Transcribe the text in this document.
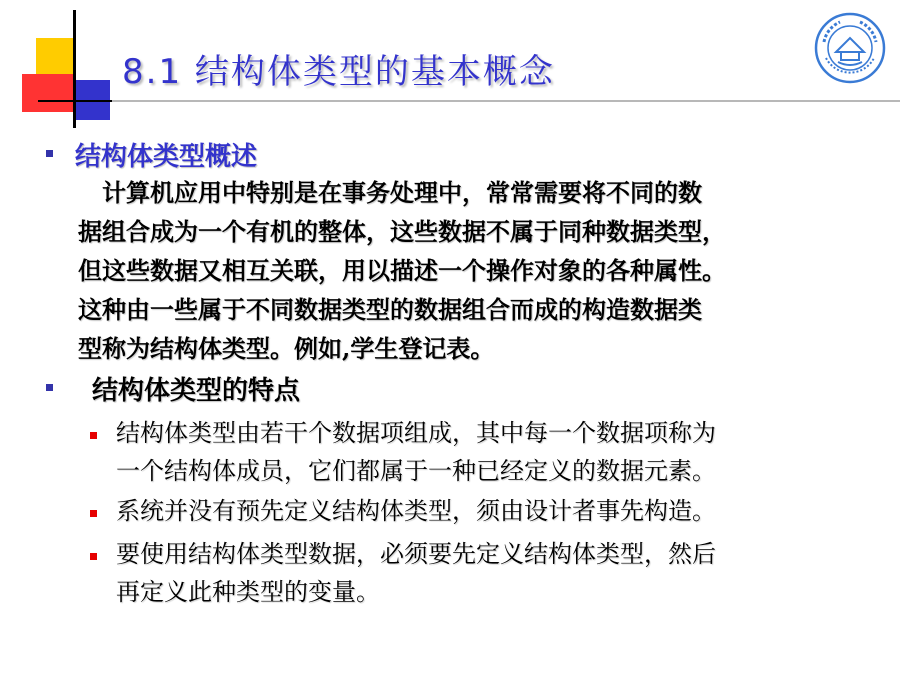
8.1 结构体类型的基本概念
结构体类型概述
　计算机应用中特别是在事务处理中，常常需要将不同的数
据组合成为一个有机的整体，这些数据不属于同种数据类型，
但这些数据又相互关联，用以描述一个操作对象的各种属性。
这种由一些属于不同数据类型的数据组合而成的构造数据类
型称为结构体类型。例如,学生登记表。
结构体类型的特点
结构体类型由若干个数据项组成，其中每一个数据项称为
一个结构体成员，它们都属于一种已经定义的数据元素。
系统并没有预先定义结构体类型，须由设计者事先构造。
要使用结构体类型数据，必须要先定义结构体类型，然后
再定义此种类型的变量。
